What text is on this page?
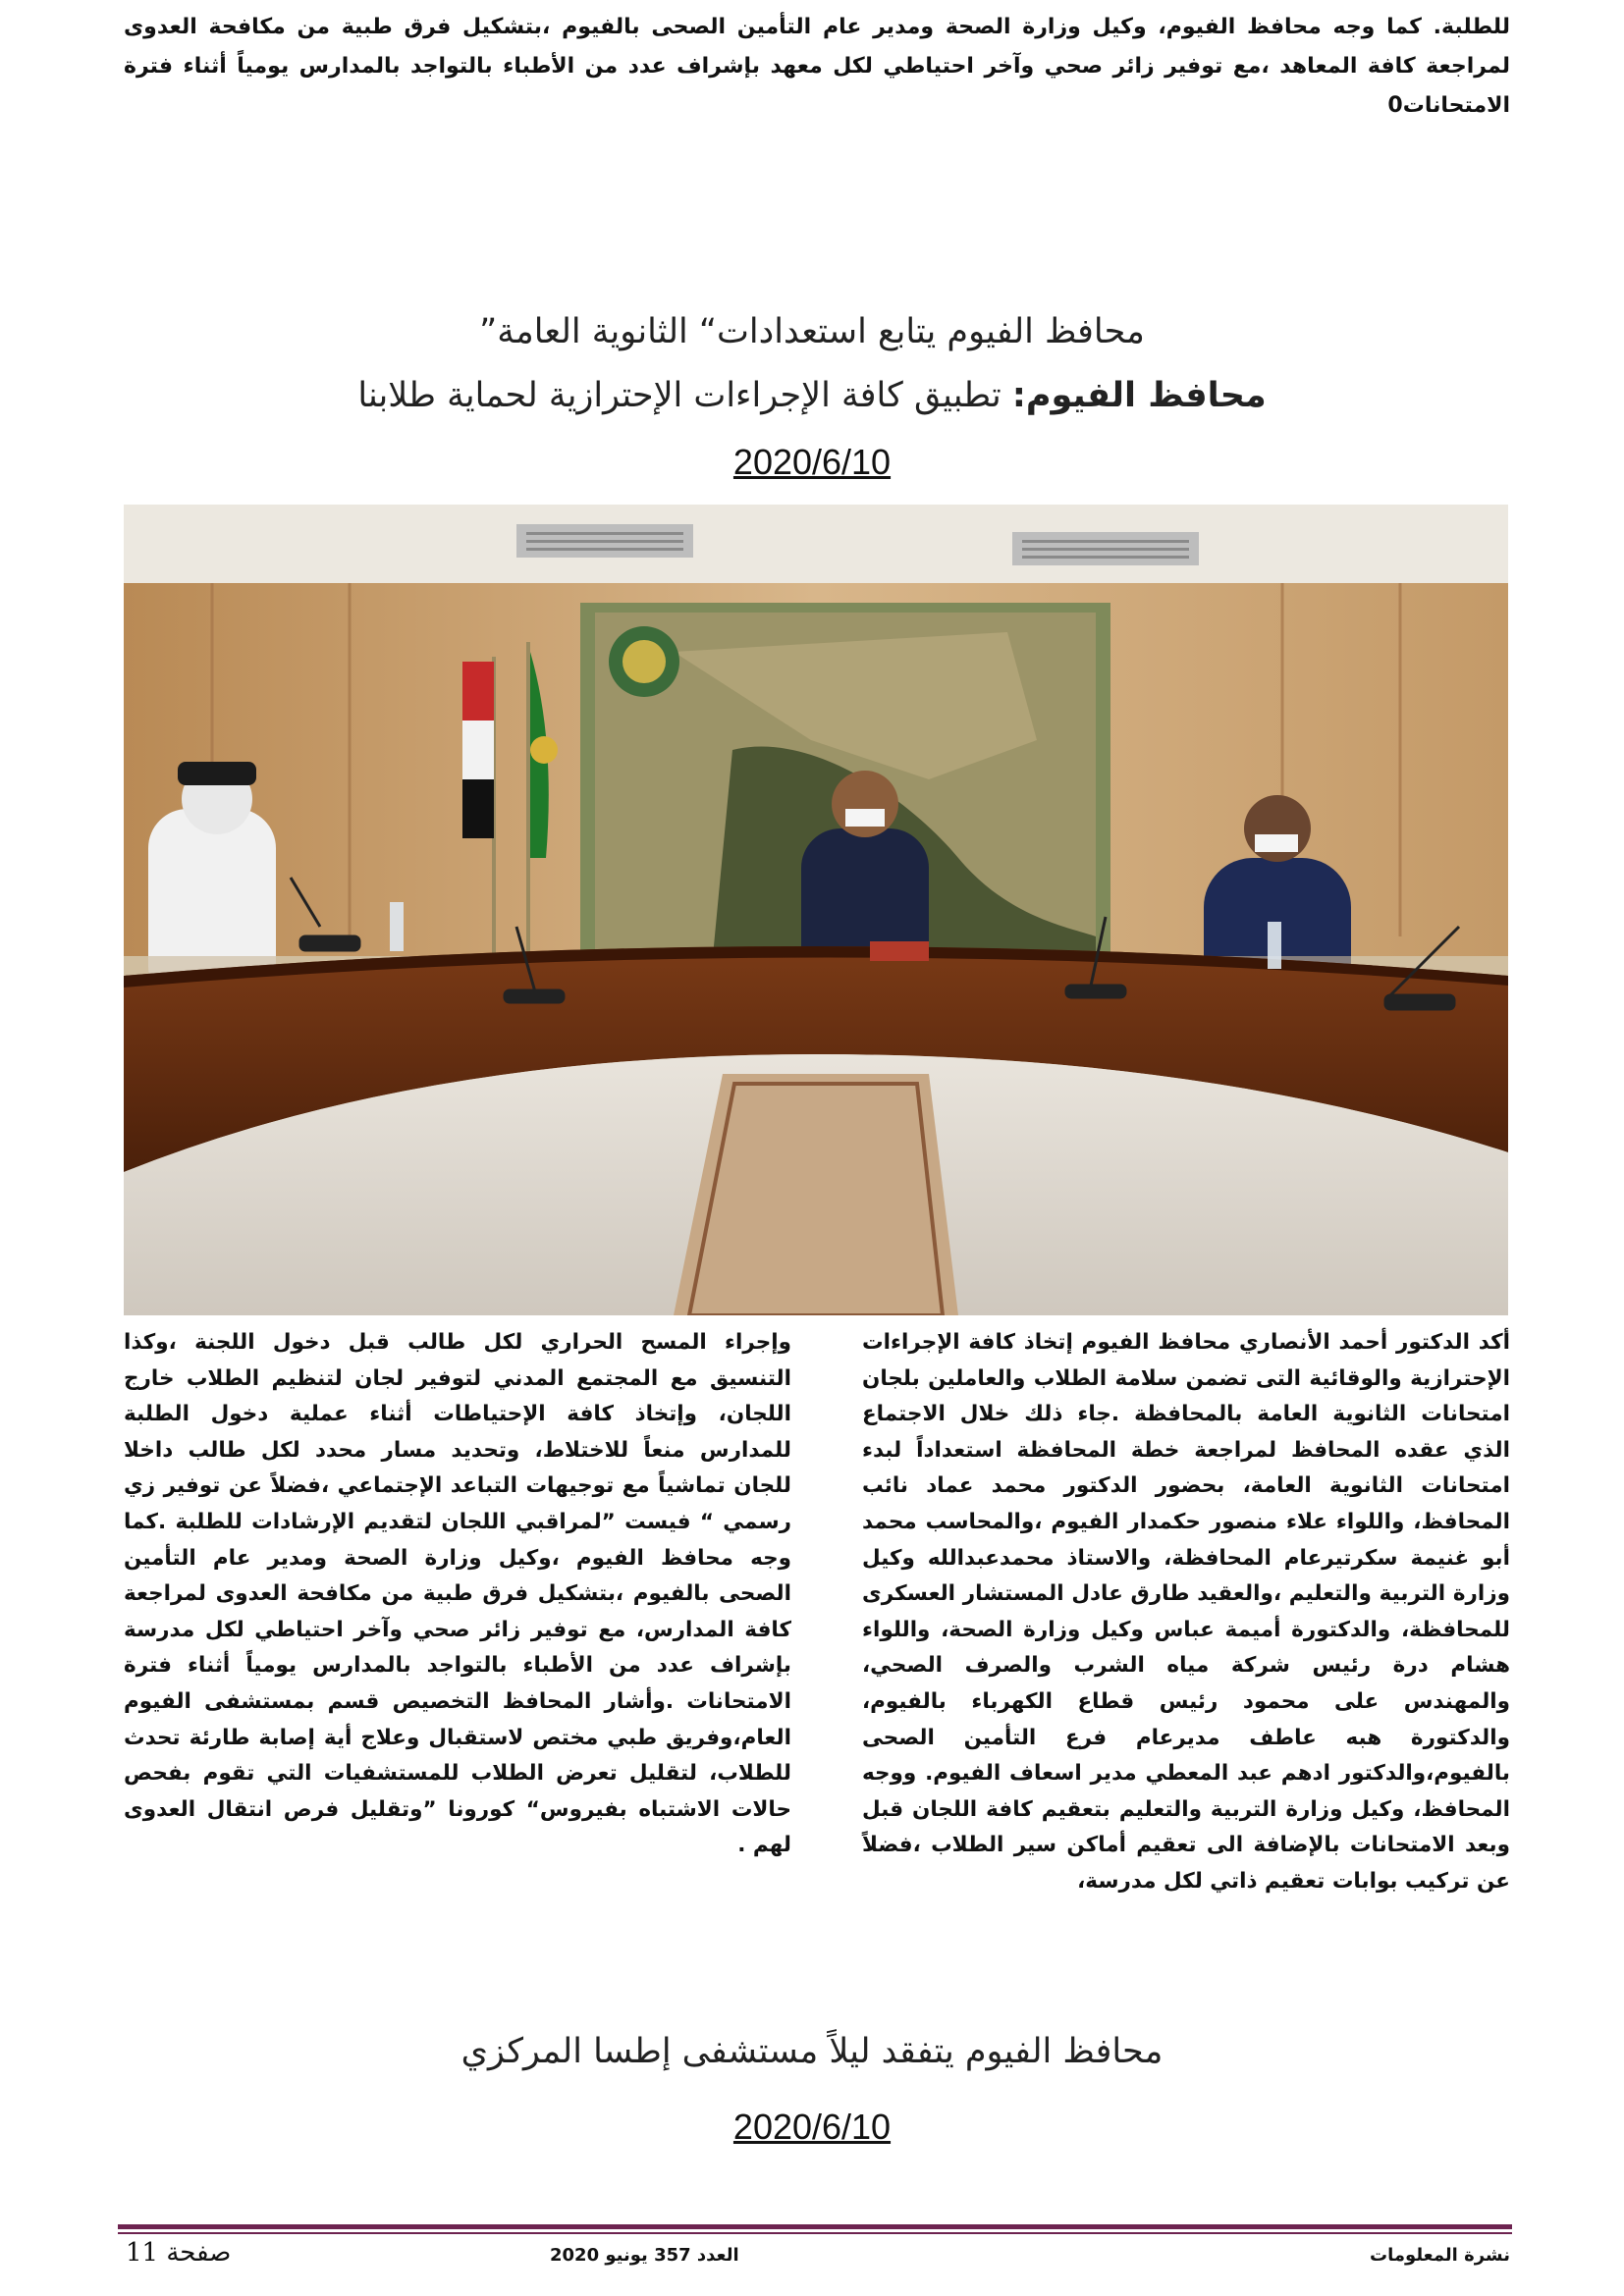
للطلبة. كما وجه محافظ الفيوم، وكيل وزارة الصحة ومدير عام التأمين الصحى بالفيوم ،بتشكيل فرق طبية من مكافحة العدوى لمراجعة كافة المعاهد ،مع توفير زائر صحي وآخر احتياطي لكل معهد بإشراف عدد من الأطباء بالتواجد بالمدارس يومياً أثناء فترة الامتحانات0
محافظ الفيوم يتابع استعدادات“ الثانوية العامة”
محافظ الفيوم: تطبيق كافة الإجراءات الإحترازية لحماية طلابنا
2020/6/10
أكد الدكتور أحمد الأنصاري محافظ الفيوم إتخاذ كافة الإجراءات الإحترازية والوقائية التى تضمن سلامة الطلاب والعاملين بلجان امتحانات الثانوية العامة بالمحافظة .جاء ذلك خلال الاجتماع الذي عقده المحافظ لمراجعة خطة المحافظة استعداداً لبدء امتحانات الثانوية العامة، بحضور الدكتور محمد عماد نائب المحافظ، واللواء علاء منصور حكمدار الفيوم ،والمحاسب محمد أبو غنيمة سكرتيرعام المحافظة، والاستاذ محمدعبدالله وكيل وزارة التربية والتعليم ،والعقيد طارق عادل المستشار العسكرى للمحافظة، والدكتورة أميمة عباس وكيل وزارة الصحة، واللواء هشام درة رئيس شركة مياه الشرب والصرف الصحي، والمهندس على محمود رئيس قطاع الكهرباء بالفيوم، والدكتورة هبه عاطف مديرعام فرع التأمين الصحى بالفيوم،والدكتور ادهم عبد المعطي مدير اسعاف الفيوم. ووجه المحافظ، وكيل وزارة التربية والتعليم بتعقيم كافة اللجان قبل وبعد الامتحانات بالإضافة الى تعقيم أماكن سير الطلاب ،فضلاً عن تركيب بوابات تعقيم ذاتي لكل مدرسة،
وإجراء المسح الحراري لكل طالب قبل دخول اللجنة ،وكذا التنسيق مع المجتمع المدني لتوفير لجان لتنظيم الطلاب خارج اللجان، وإتخاذ كافة الإحتياطات أثناء عملية دخول الطلبة للمدارس منعاً للاختلاط، وتحديد مسار محدد لكل طالب داخلا للجان تماشياً مع توجيهات التباعد الإجتماعي ،فضلاً عن توفير زي رسمي “ فيست ”لمراقبي اللجان لتقديم الإرشادات للطلبة .كما وجه محافظ الفيوم ،وكيل وزارة الصحة ومدير عام التأمين الصحى بالفيوم ،بتشكيل فرق طبية من مكافحة العدوى لمراجعة كافة المدارس، مع توفير زائر صحي وآخر احتياطي لكل مدرسة بإشراف عدد من الأطباء بالتواجد بالمدارس يومياً أثناء فترة الامتحانات .وأشار المحافظ التخصيص قسم بمستشفى الفيوم العام،وفريق طبي مختص لاستقبال وعلاج أية إصابة طارئة تحدث للطلاب، لتقليل تعرض الطلاب للمستشفيات التي تقوم بفحص حالات الاشتباه بفيروس“ كورونا ”وتقليل فرص انتقال العدوى لهم .
محافظ الفيوم يتفقد ليلاً مستشفى إطسا المركزي
2020/6/10
نشرة المعلومات
العدد 357 يونيو 2020
صفحة 11
